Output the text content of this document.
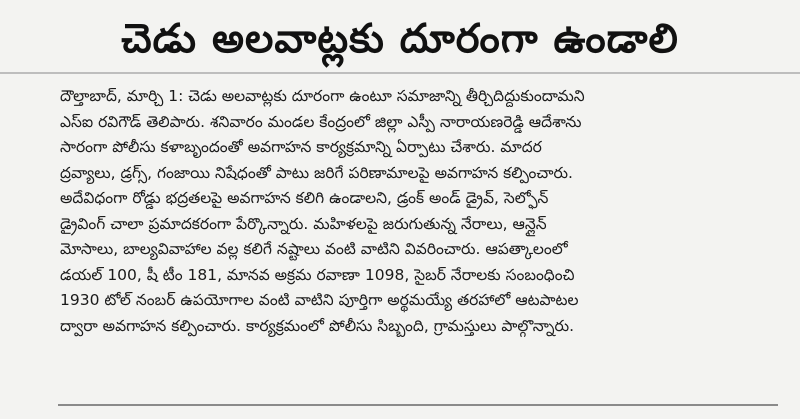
చెడు అలవాట్లకు దూరంగా ఉండాలి
దౌల్తాబాద్, మార్చి 1: చెడు అలవాట్లకు దూరంగా ఉంటూ సమాజాన్ని తీర్చిదిద్దుకుందామని
ఎస్ఐ రవిగౌడ్ తెలిపారు. శనివారం మండల కేంద్రంలో జిల్లా ఎస్పీ నారాయణరెడ్డి ఆదేశాను
సారంగా పోలీసు కళాబృందంతో అవగాహన కార్యక్రమాన్ని ఏర్పాటు చేశారు. మాదర
ద్రవ్యాలు, డ్రగ్స్, గంజాయి నిషేధంతో పాటు జరిగే పరిణామాలపై అవగాహన కల్పించారు.
అదేవిధంగా రోడ్డు భద్రతలపై అవగాహన కలిగి ఉండాలని, డ్రంక్ అండ్ డ్రైవ్, సెల్ఫోన్
డ్రైవింగ్ చాలా ప్రమాదకరంగా పేర్కొన్నారు. మహిళలపై జరుగుతున్న నేరాలు, ఆన్లైన్
మోసాలు, బాల్యవివాహాల వల్ల కలిగే నష్టాలు వంటి వాటిని వివరించారు. ఆపత్కాలంలో
డయల్ 100, షీ టీం 181, మానవ అక్రమ రవాణా 1098, సైబర్ నేరాలకు సంబంధించి
1930 టోల్ నంబర్ ఉపయోగాల వంటి వాటిని పూర్తిగా అర్థమయ్యే తరహాలో ఆటపాటల
ద్వారా అవగాహన కల్పించారు. కార్యక్రమంలో పోలీసు సిబ్బంది, గ్రామస్తులు పాల్గొన్నారు.
